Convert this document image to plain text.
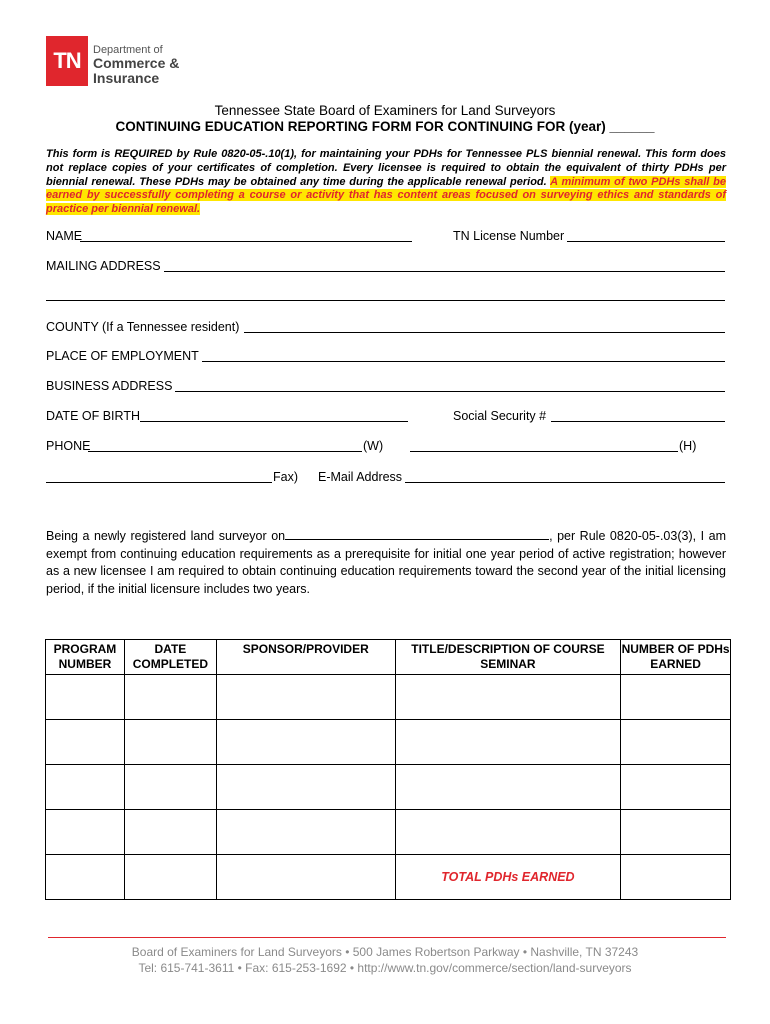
TN	Department of
Commerce &
Insurance
Tennessee State Board of Examiners for Land Surveyors
CONTINUING EDUCATION REPORTING FORM FOR CONTINUING FOR (year) ______
This form is REQUIRED by Rule 0820-05-.10(1), for maintaining your PDHs for Tennessee PLS biennial renewal. This form does not replace copies of your certificates of completion. Every licensee is required to obtain the equivalent of thirty PDHs per biennial renewal. These PDHs may be obtained any time during the applicable renewal period. A minimum of two PDHs shall be earned by successfully completing a course or activity that has content areas focused on surveying ethics and standards of practice per biennial renewal.
NAME	TN License Number
MAILING ADDRESS
COUNTY (If a Tennessee resident)
PLACE OF EMPLOYMENT
BUSINESS ADDRESS
DATE OF BIRTH	Social Security #
PHONE	(W)	(H)
Fax) E-Mail Address
Being a newly registered land surveyor on	, per Rule 0820-05-.03(3), I am exempt from continuing education requirements as a prerequisite for initial one year period of active registration; however as a new licensee I am required to obtain continuing education requirements toward the second year of the initial licensing period, if the initial licensure includes two years.
PROGRAM NUMBER	DATE COMPLETED	SPONSOR/PROVIDER	TITLE/DESCRIPTION OF COURSE SEMINAR	NUMBER OF PDHs EARNED

			TOTAL PDHs EARNED	
Board of Examiners for Land Surveyors • 500 James Robertson Parkway • Nashville, TN 37243
Tel: 615-741-3611 • Fax: 615-253-1692 • http://www.tn.gov/commerce/section/land-surveyors
